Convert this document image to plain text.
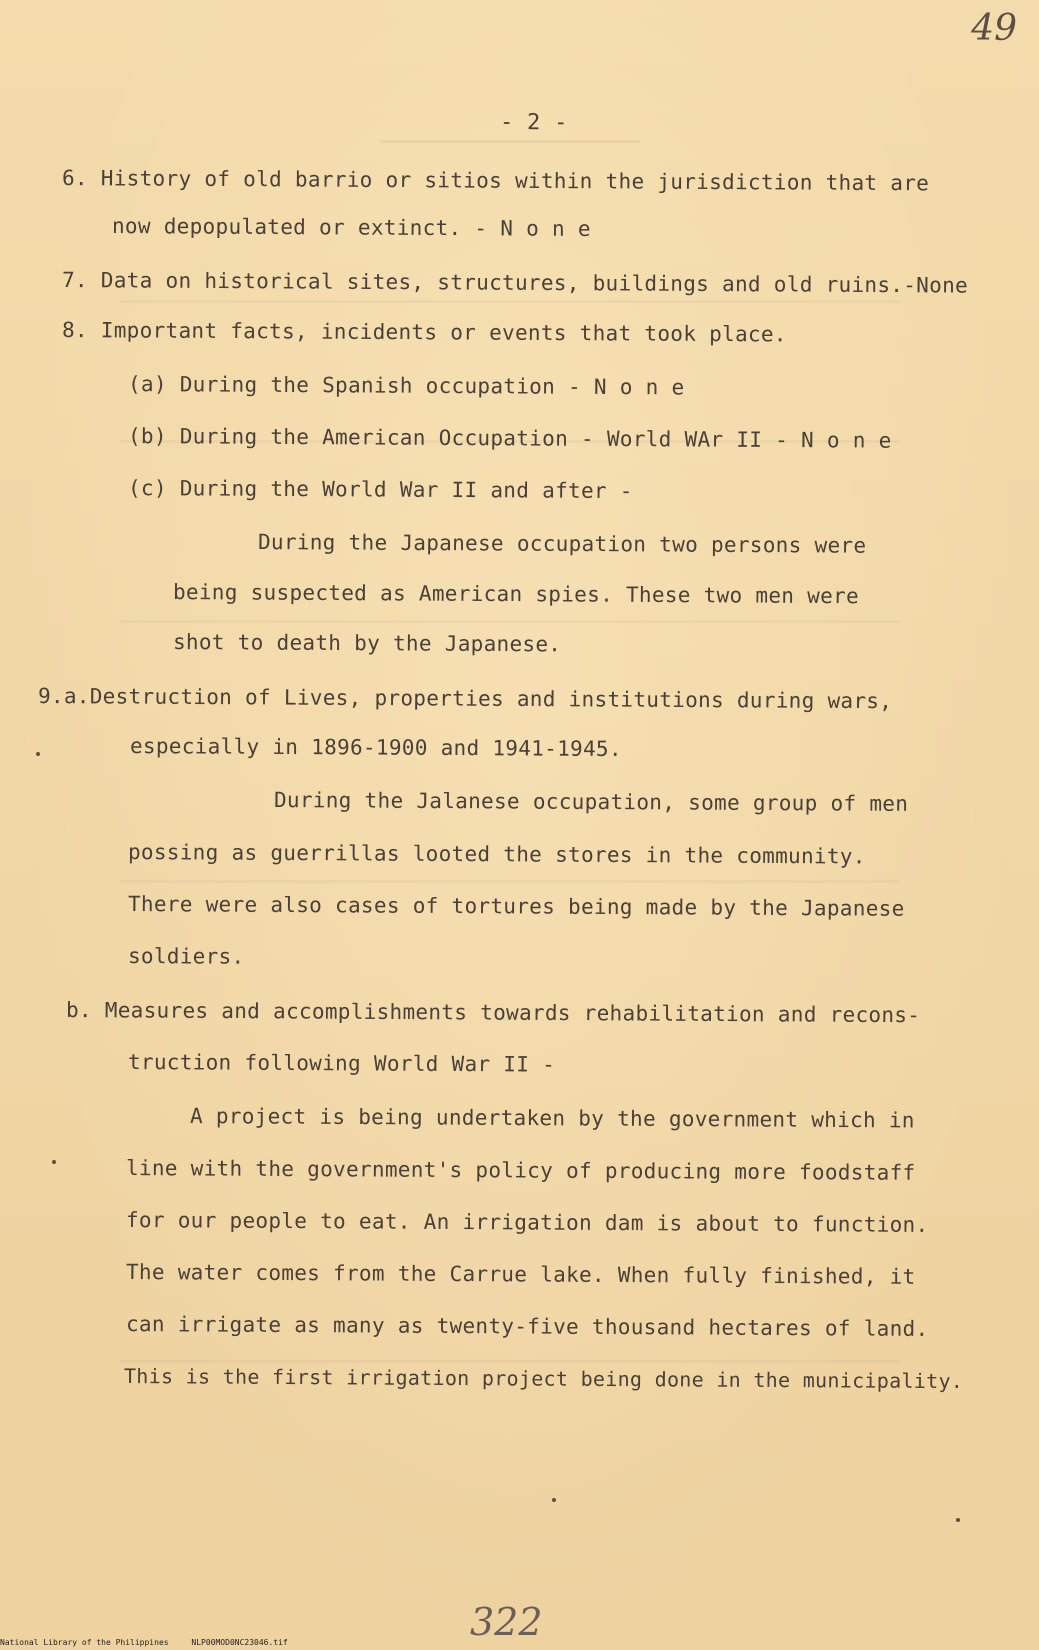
49
- 2 -
6. History of old barrio or sitios within the jurisdiction that are
now depopulated or extinct. - N o n e
7. Data on historical sites, structures, buildings and old ruins.-None
8. Important facts, incidents or events that took place.
(a) During the Spanish occupation - N o n e
(b) During the American Occupation - World WAr II - N o n e
(c) During the World War II and after -
During the Japanese occupation two persons were
being suspected as American spies. These two men were
shot to death by the Japanese.
9.a.Destruction of Lives, properties and institutions during wars,
especially in 1896-1900 and 1941-1945.
During the Jalanese occupation, some group of men
possing as guerrillas looted the stores in the community.
There were also cases of tortures being made by the Japanese
soldiers.
b. Measures and accomplishments towards rehabilitation and recons-
truction following World War II -
A project is being undertaken by the government which in
line with the government's policy of producing more foodstaff
for our people to eat. An irrigation dam is about to function.
The water comes from the Carrue lake. When fully finished, it
can irrigate as many as twenty-five thousand hectares of land.
This is the first irrigation project being done in the municipality.
322
National Library of the Philippines	NLP00MOD0NC23046.tif
